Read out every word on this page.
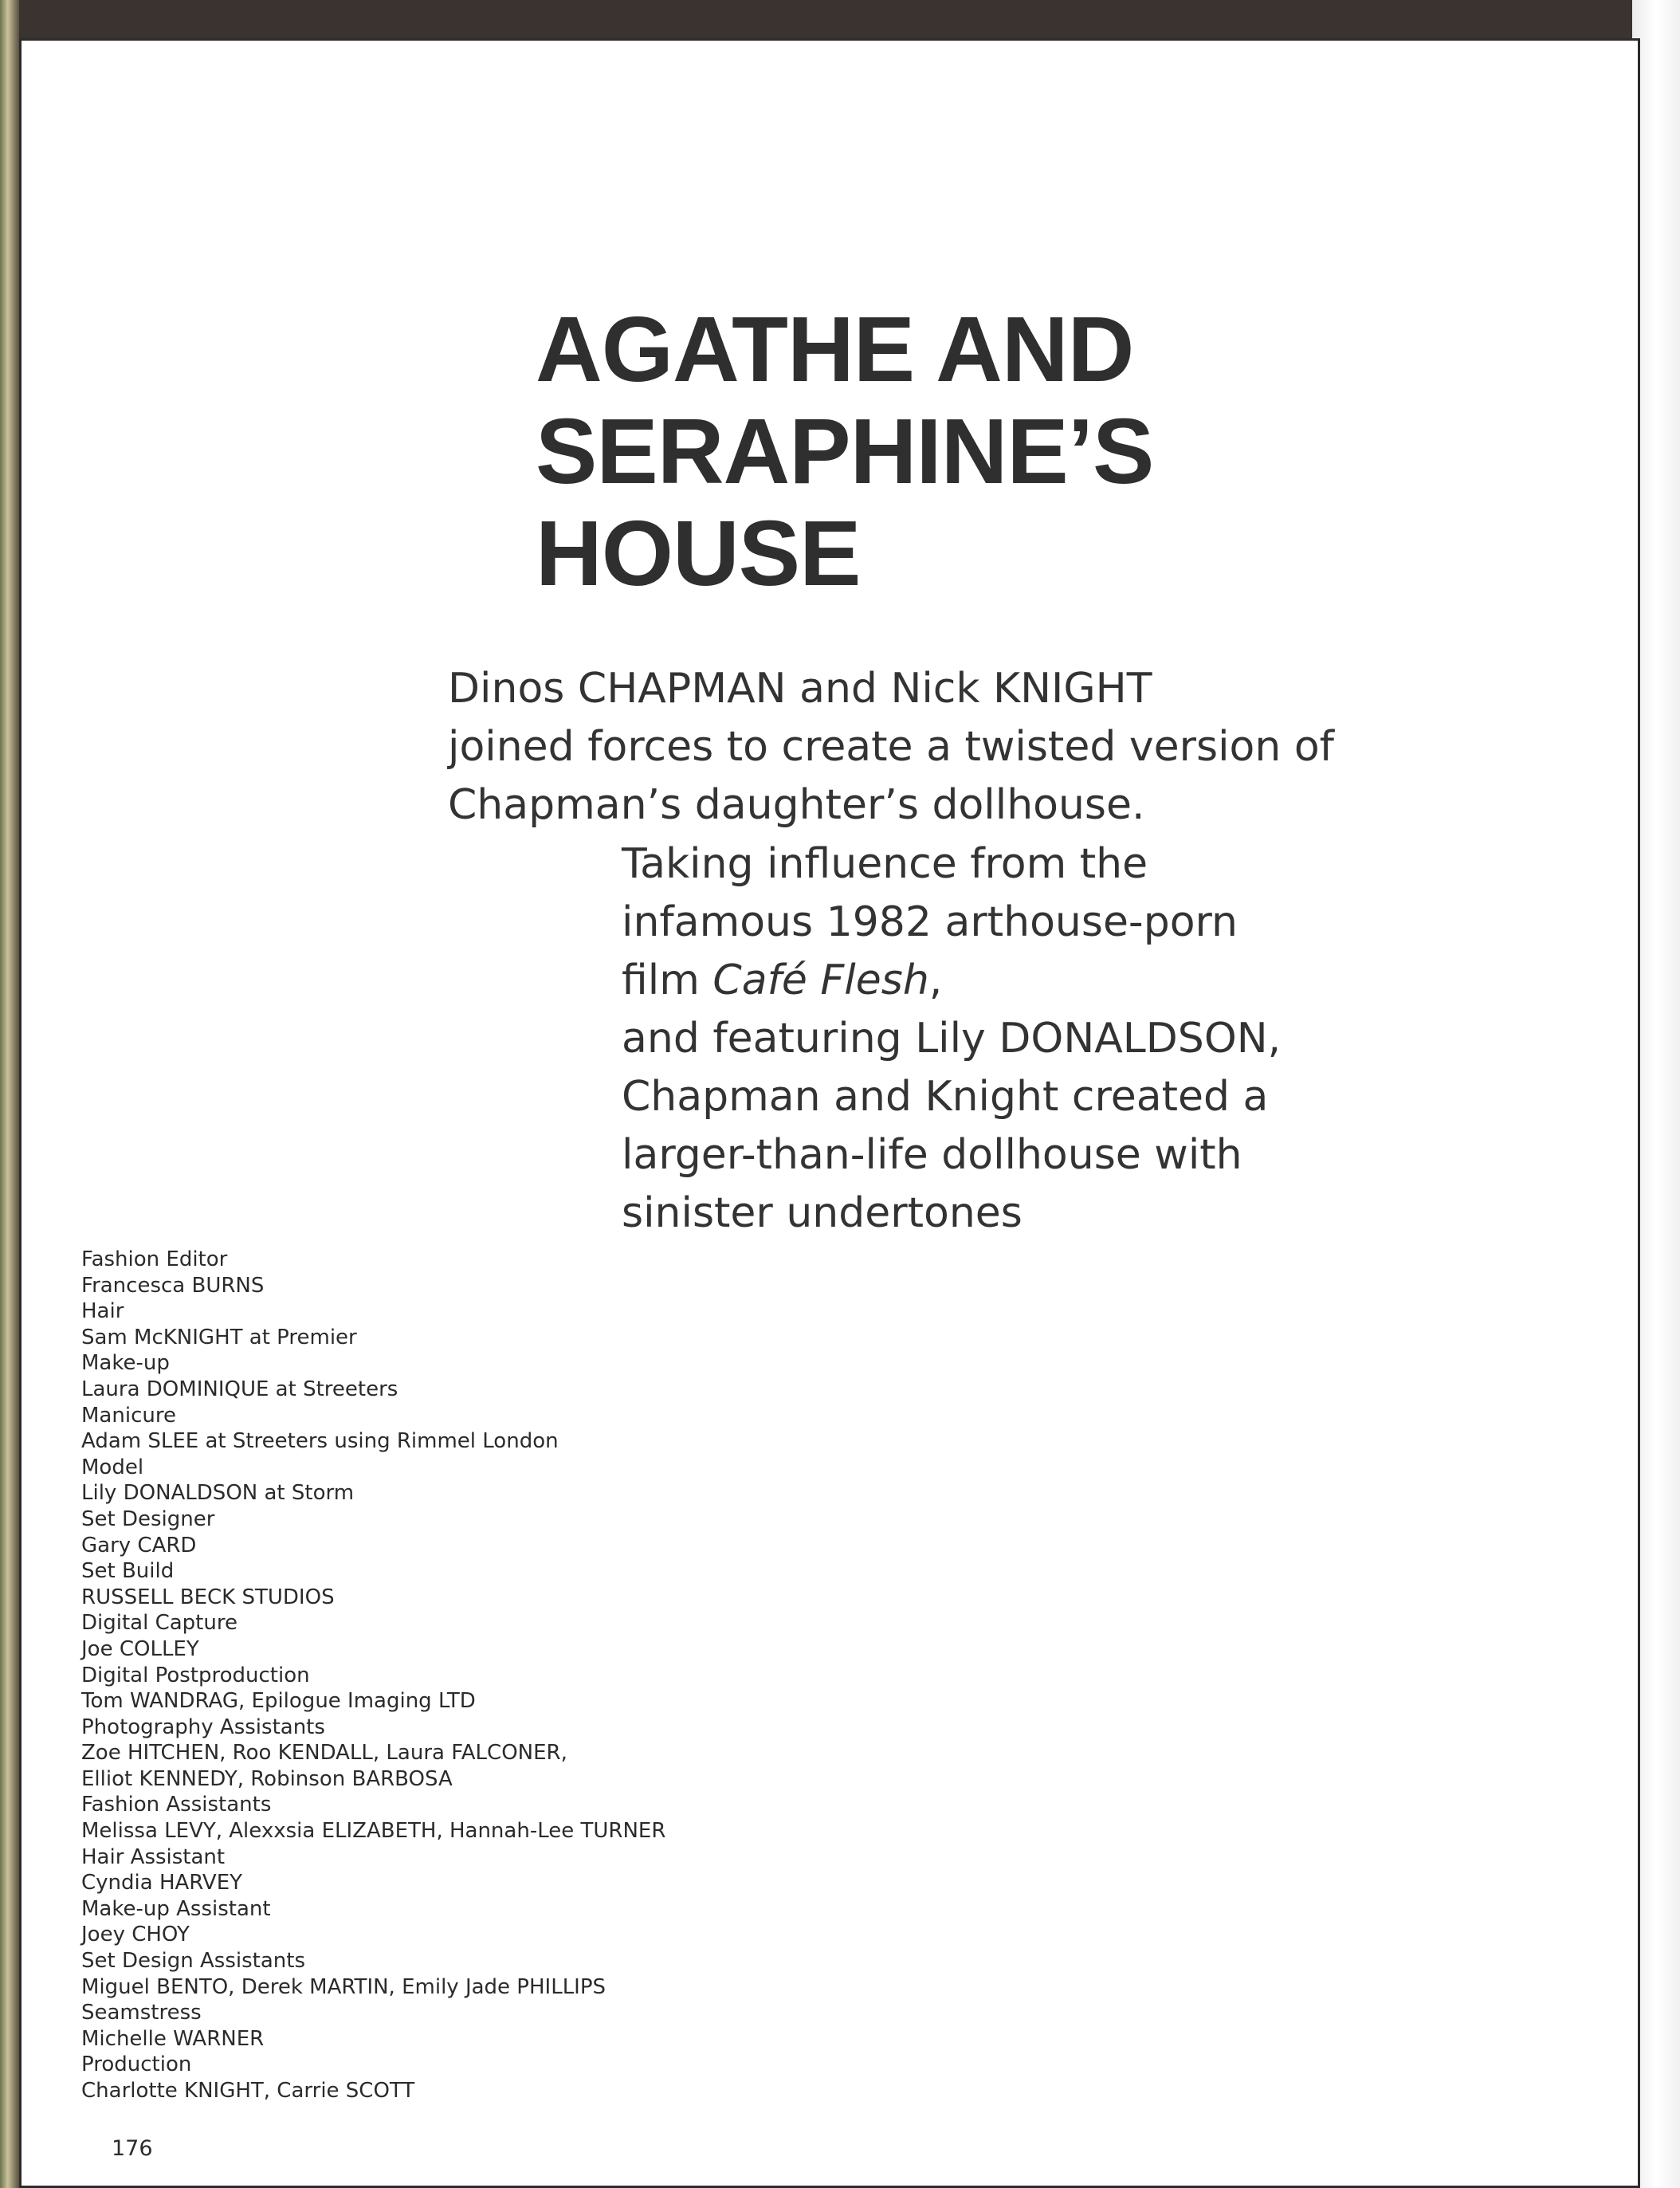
AGATHE AND
SERAPHINE’S
HOUSE

Dinos CHAPMAN and Nick KNIGHT
joined forces to create a twisted version of
Chapman’s daughter’s dollhouse.

Taking influence from the
infamous 1982 arthouse-porn
film Café Flesh,
and featuring Lily DONALDSON,
Chapman and Knight created a
larger-than-life dollhouse with
sinister undertones

Fashion Editor
Francesca BURNS
Hair
Sam McKNIGHT at Premier
Make-up
Laura DOMINIQUE at Streeters
Manicure
Adam SLEE at Streeters using Rimmel London
Model
Lily DONALDSON at Storm
Set Designer
Gary CARD
Set Build
RUSSELL BECK STUDIOS
Digital Capture
Joe COLLEY
Digital Postproduction
Tom WANDRAG, Epilogue Imaging LTD
Photography Assistants
Zoe HITCHEN, Roo KENDALL, Laura FALCONER,
Elliot KENNEDY, Robinson BARBOSA
Fashion Assistants
Melissa LEVY, Alexxsia ELIZABETH, Hannah-Lee TURNER
Hair Assistant
Cyndia HARVEY
Make-up Assistant
Joey CHOY
Set Design Assistants
Miguel BENTO, Derek MARTIN, Emily Jade PHILLIPS
Seamstress
Michelle WARNER
Production
Charlotte KNIGHT, Carrie SCOTT
176
